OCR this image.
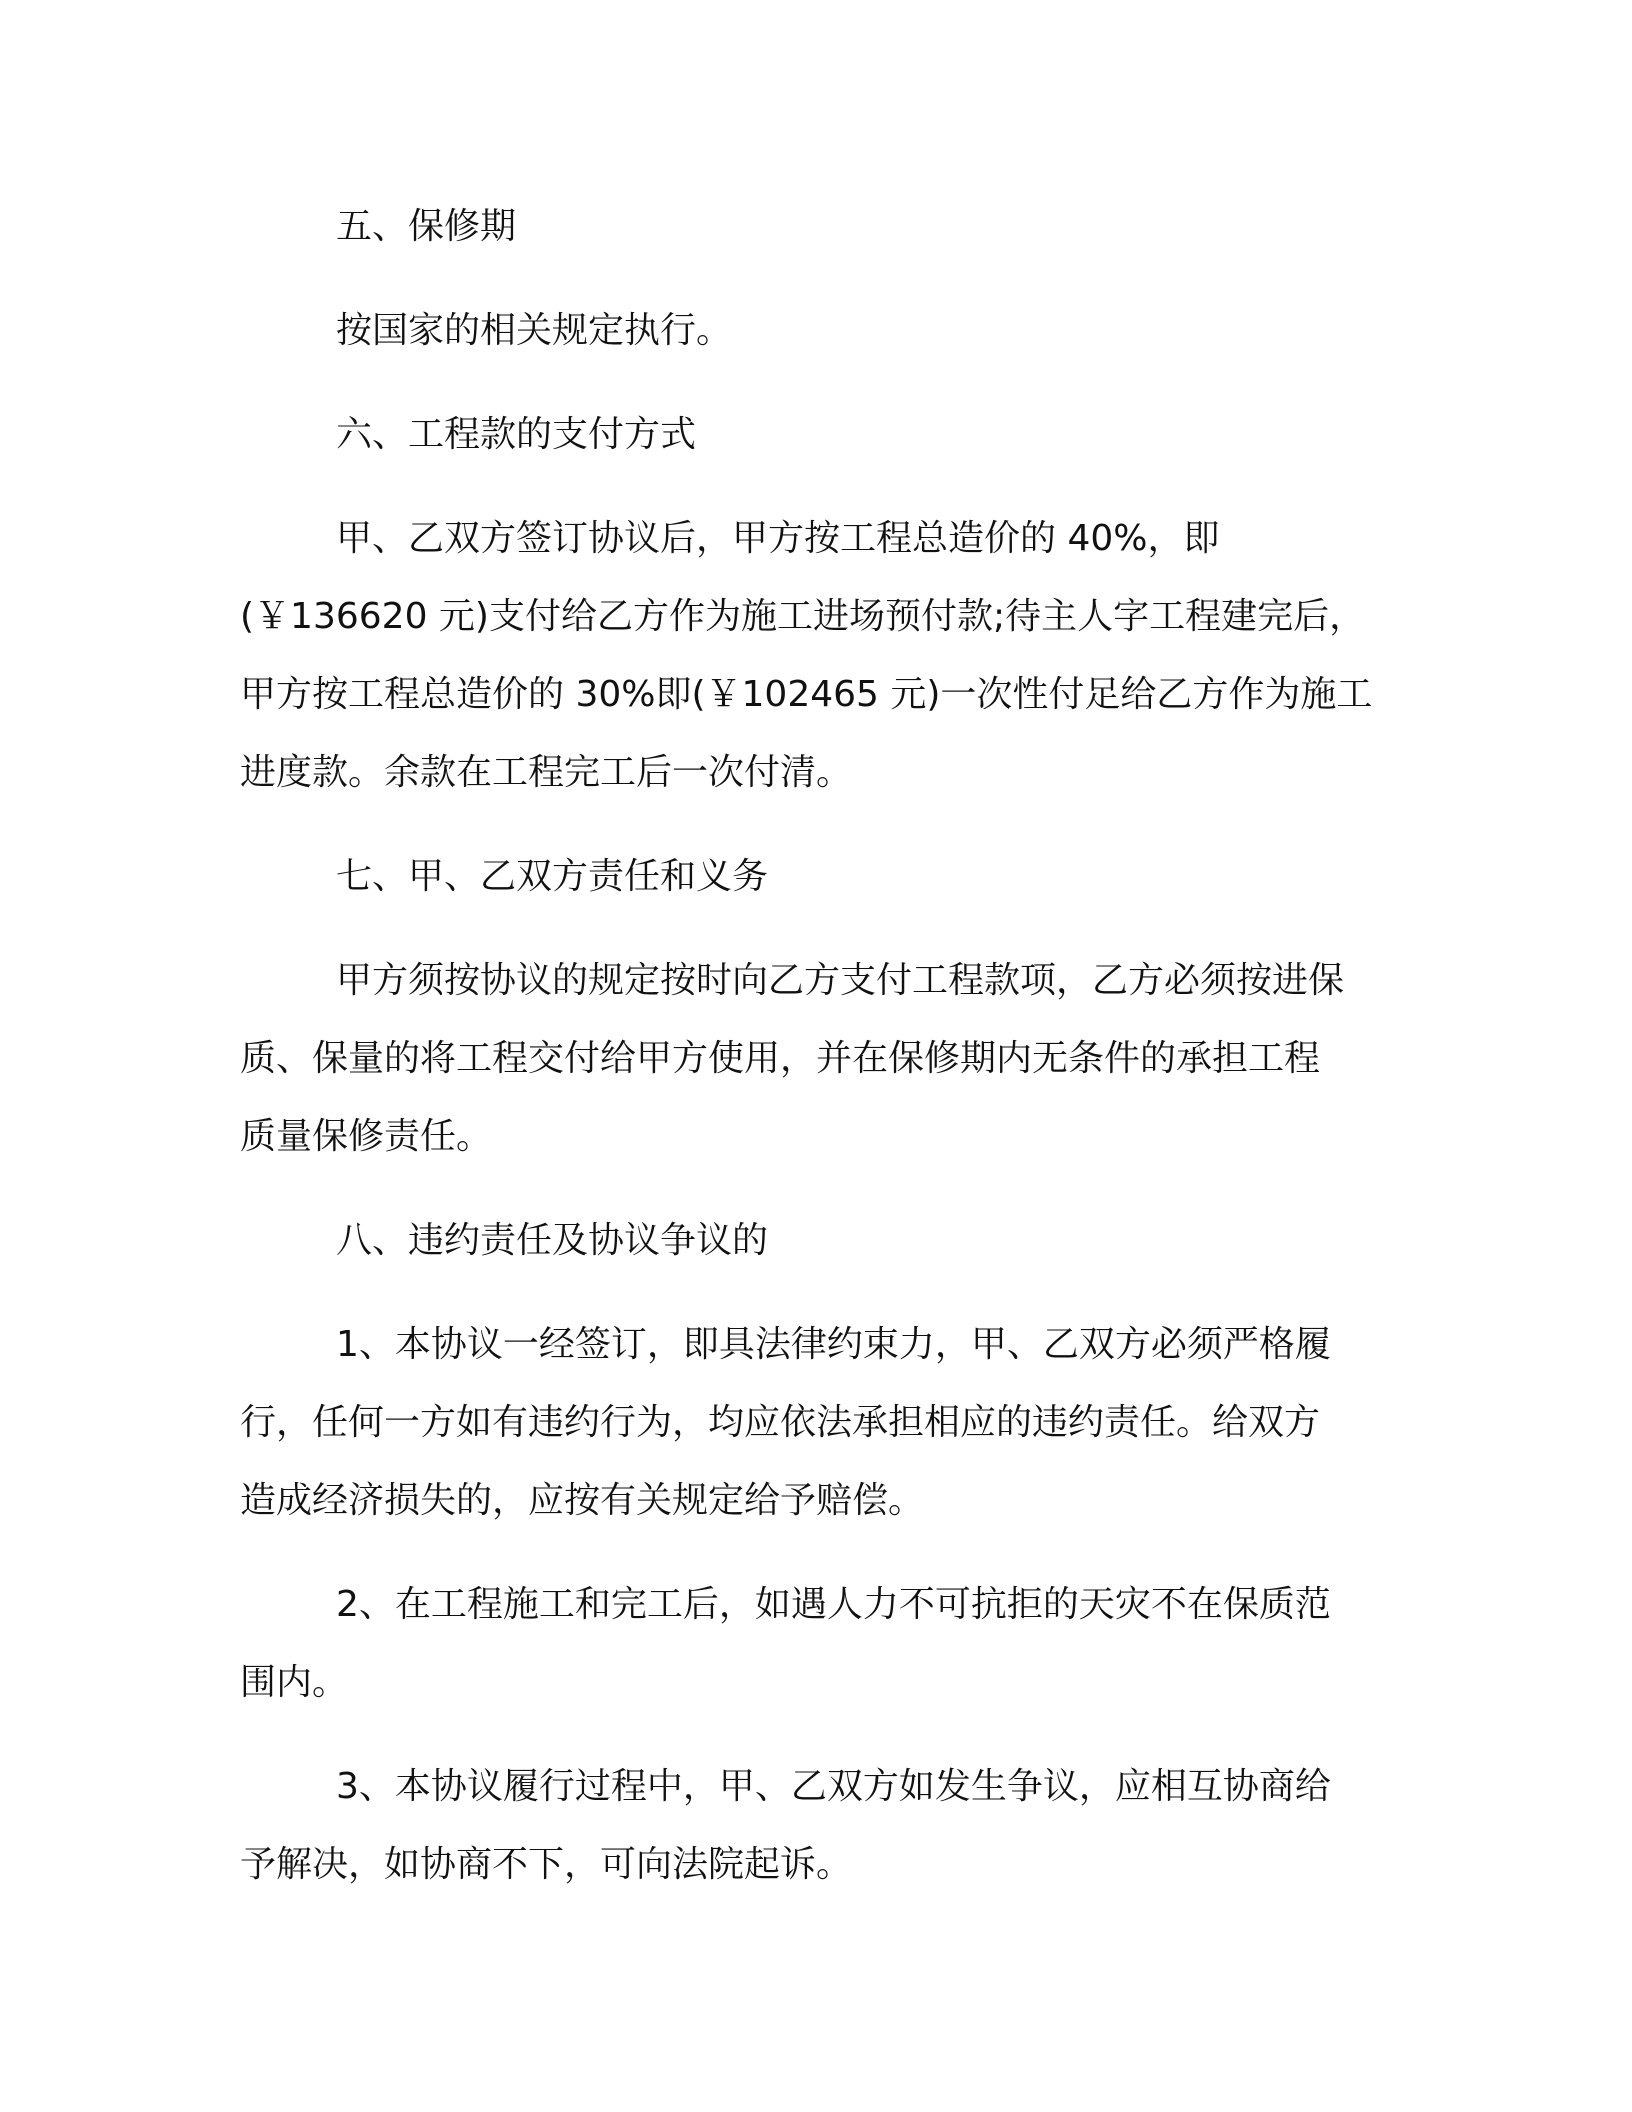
五、保修期
按国家的相关规定执行。
六、工程款的支付方式
甲、乙双方签订协议后，甲方按工程总造价的 40%，即
(￥136620 元)支付给乙方作为施工进场预付款;待主人字工程建完后，
甲方按工程总造价的 30%即(￥102465 元)一次性付足给乙方作为施工
进度款。余款在工程完工后一次付清。
七、甲、乙双方责任和义务
甲方须按协议的规定按时向乙方支付工程款项，乙方必须按进保
质、保量的将工程交付给甲方使用，并在保修期内无条件的承担工程
质量保修责任。
八、违约责任及协议争议的
1、本协议一经签订，即具法律约束力，甲、乙双方必须严格履
行，任何一方如有违约行为，均应依法承担相应的违约责任。给双方
造成经济损失的，应按有关规定给予赔偿。
2、在工程施工和完工后，如遇人力不可抗拒的天灾不在保质范
围内。
3、本协议履行过程中，甲、乙双方如发生争议，应相互协商给
予解决，如协商不下，可向法院起诉。
